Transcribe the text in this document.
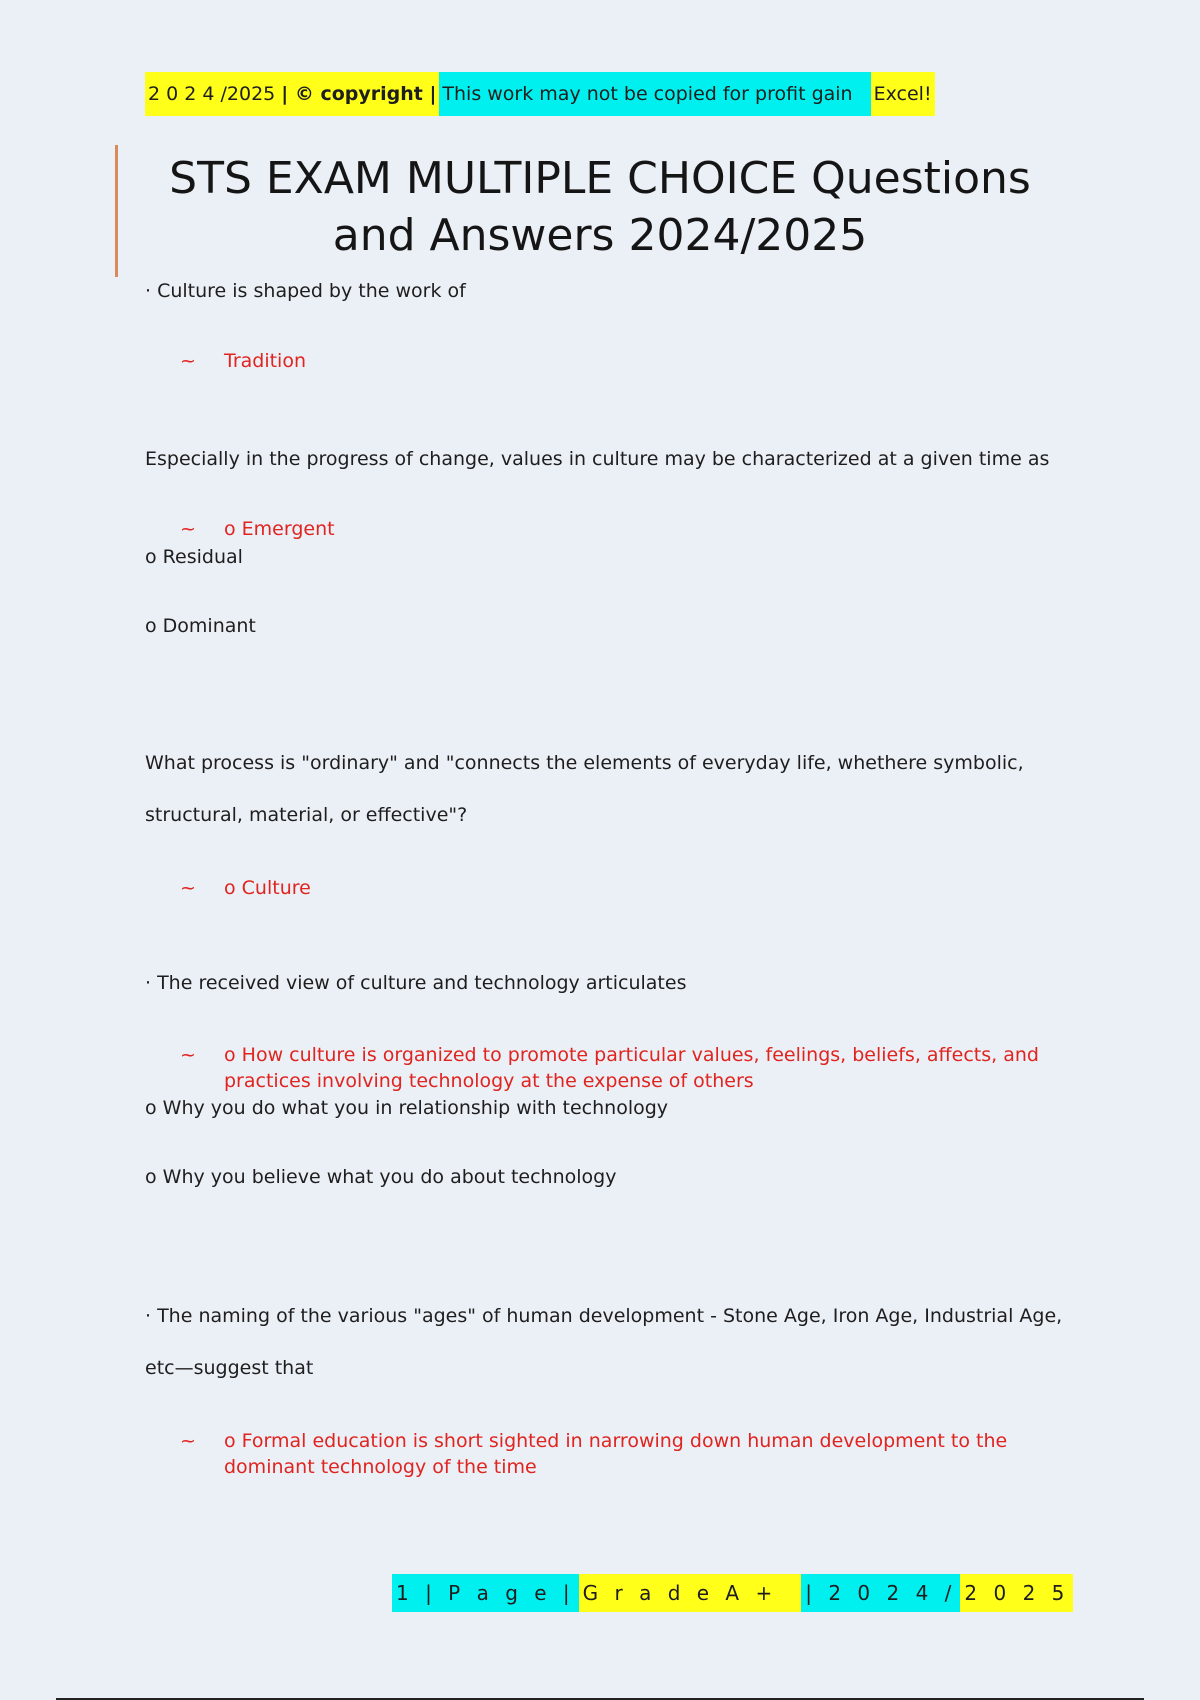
2 0 2 4 /2025 | © copyright | This work may not be copied for profit gain	Excel!
STS EXAM MULTIPLE CHOICE Questions and Answers 2024/2025
· Culture is shaped by the work of
~	Tradition
Especially in the progress of change, values in culture may be characterized at a given time as
~	o Emergent
o Residual
o Dominant
What process is "ordinary" and "connects the elements of everyday life, whethere symbolic, structural, material, or effective"?
~	o Culture
· The received view of culture and technology articulates
~	o How culture is organized to promote particular values, feelings, beliefs, affects, and practices involving technology at the expense of others
o Why you do what you in relationship with technology
o Why you believe what you do about technology
· The naming of the various "ages" of human development - Stone Age, Iron Age, Industrial Age, etc—suggest that
~	o Formal education is short sighted in narrowing down human development to the dominant technology of the time
1 | P a g e | G r a d e A +	| 2 0 2 4 / 2 0 2 5
